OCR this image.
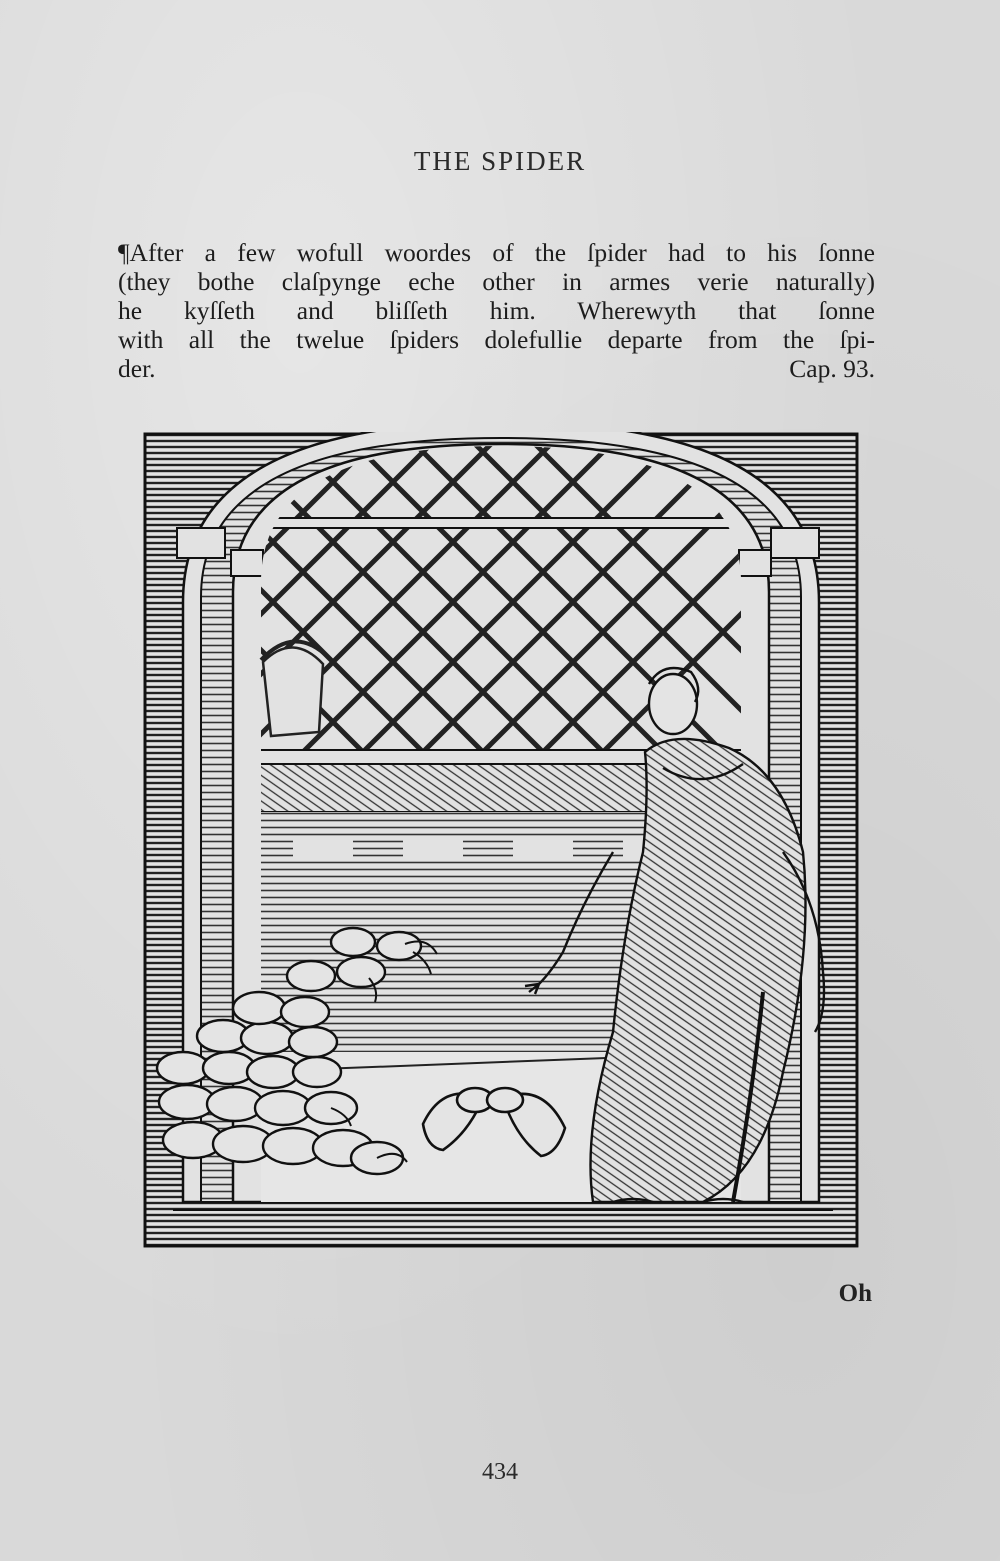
THE SPIDER
¶After a few wofull woordes of the ſpider had to his ſonne
(they bothe claſpynge eche other in armes verie naturally)
he kyſſeth and bliſſeth him. Wherewyth that ſonne
with all the twelue ſpiders dolefullie departe from the ſpi-
der.	Cap. 93.
Oh
434
